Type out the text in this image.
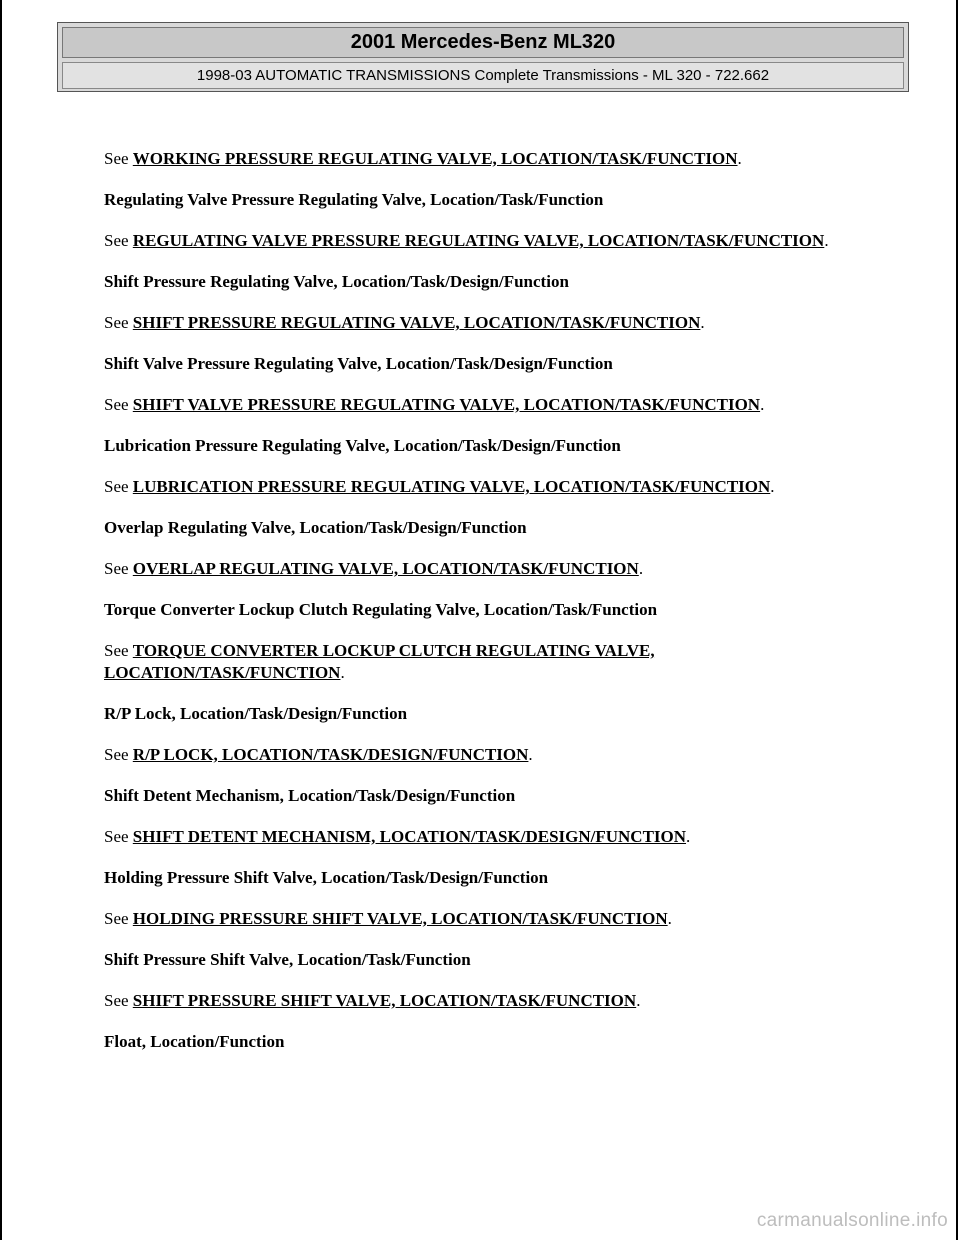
2001 Mercedes-Benz ML320
1998-03 AUTOMATIC TRANSMISSIONS Complete Transmissions - ML 320 - 722.662

See WORKING PRESSURE REGULATING VALVE, LOCATION/TASK/FUNCTION.

Regulating Valve Pressure Regulating Valve, Location/Task/Function

See REGULATING VALVE PRESSURE REGULATING VALVE, LOCATION/TASK/FUNCTION.

Shift Pressure Regulating Valve, Location/Task/Design/Function

See SHIFT PRESSURE REGULATING VALVE, LOCATION/TASK/FUNCTION.

Shift Valve Pressure Regulating Valve, Location/Task/Design/Function

See SHIFT VALVE PRESSURE REGULATING VALVE, LOCATION/TASK/FUNCTION.

Lubrication Pressure Regulating Valve, Location/Task/Design/Function

See LUBRICATION PRESSURE REGULATING VALVE, LOCATION/TASK/FUNCTION.

Overlap Regulating Valve, Location/Task/Design/Function

See OVERLAP REGULATING VALVE, LOCATION/TASK/FUNCTION.

Torque Converter Lockup Clutch Regulating Valve, Location/Task/Function

See TORQUE CONVERTER LOCKUP CLUTCH REGULATING VALVE, LOCATION/TASK/FUNCTION.

R/P Lock, Location/Task/Design/Function

See R/P LOCK, LOCATION/TASK/DESIGN/FUNCTION.

Shift Detent Mechanism, Location/Task/Design/Function

See SHIFT DETENT MECHANISM, LOCATION/TASK/DESIGN/FUNCTION.

Holding Pressure Shift Valve, Location/Task/Design/Function

See HOLDING PRESSURE SHIFT VALVE, LOCATION/TASK/FUNCTION.

Shift Pressure Shift Valve, Location/Task/Function

See SHIFT PRESSURE SHIFT VALVE, LOCATION/TASK/FUNCTION.

Float, Location/Function

carmanualsonline.info
